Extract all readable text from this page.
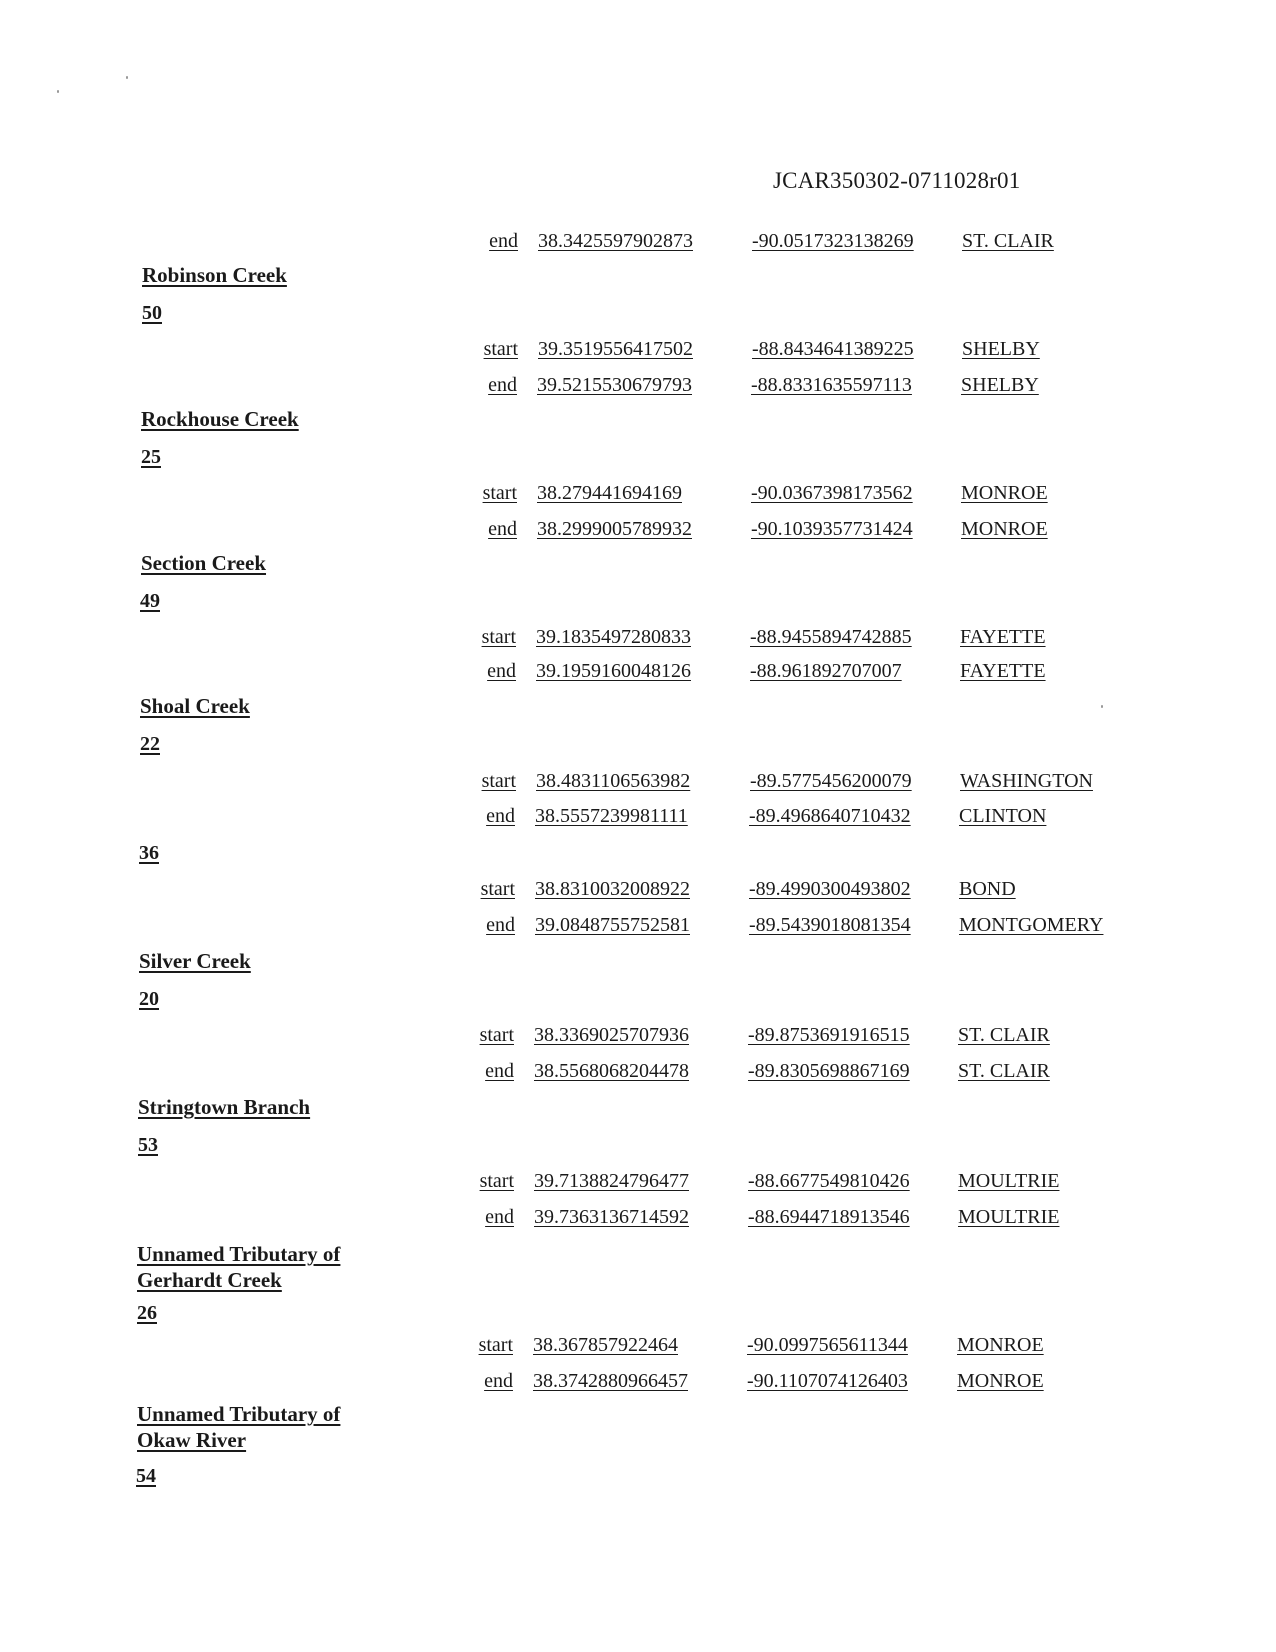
JCAR350302-0711028r01
end 38.3425597902873	-90.0517323138269 ST. CLAIR
Robinson Creek
50
start 39.3519556417502	-88.8434641389225 SHELBY
end 39.5215530679793	-88.8331635597113 SHELBY
Rockhouse Creek
25
start 38.279441694169	-90.0367398173562 MONROE
end 38.2999005789932	-90.1039357731424 MONROE
Section Creek
49
start 39.1835497280833	-88.9455894742885 FAYETTE
end 39.1959160048126	-88.961892707007	FAYETTE
Shoal Creek
22
start 38.4831106563982	-89.5775456200079 WASHINGTON
end 38.5557239981111	-89.4968640710432 CLINTON
36
start 38.8310032008922	-89.4990300493802 BOND
end 39.0848755752581	-89.5439018081354 MONTGOMERY
Silver Creek
20
start 38.3369025707936	-89.8753691916515 ST. CLAIR
end 38.5568068204478	-89.8305698867169 ST. CLAIR
Stringtown Branch
53
start 39.7138824796477	-88.6677549810426 MOULTRIE
end 39.7363136714592	-88.6944718913546 MOULTRIE
Unnamed Tributary of
Gerhardt Creek
26
start 38.367857922464	-90.0997565611344 MONROE
end 38.3742880966457	-90.1107074126403 MONROE
Unnamed Tributary of
Okaw River
54
